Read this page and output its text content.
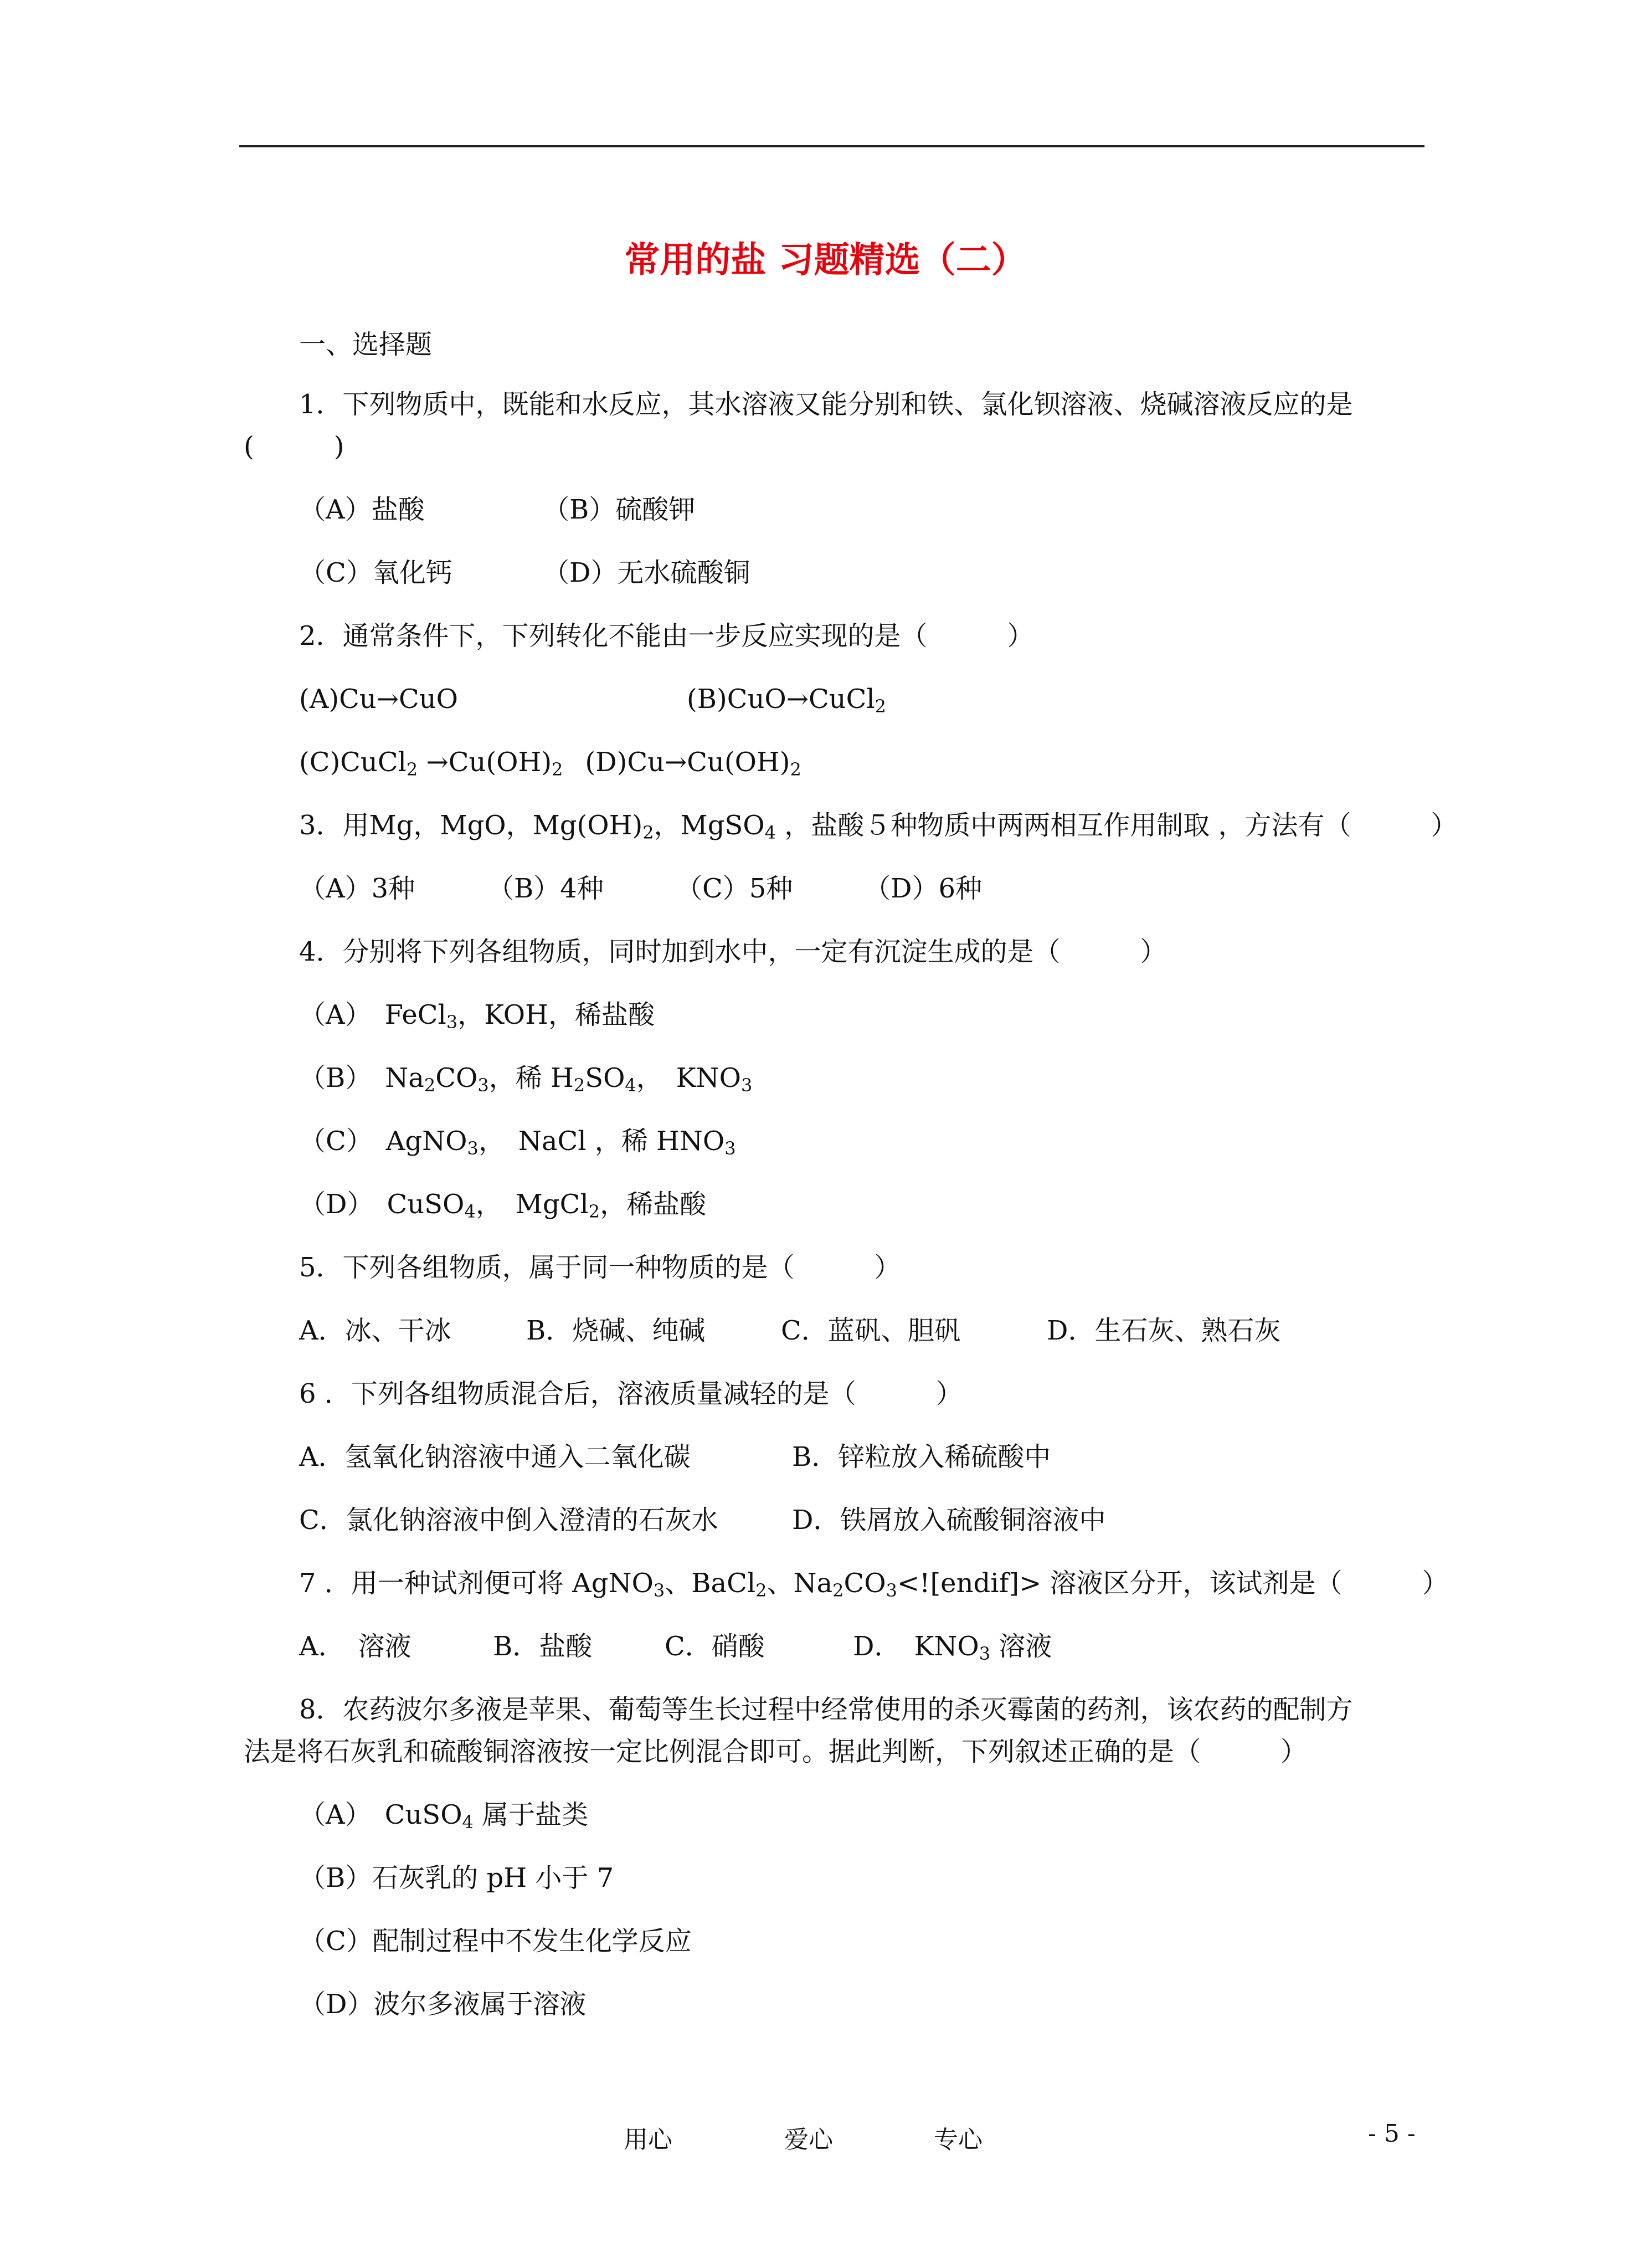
常用的盐 习题精选（二）
一、选择题
1．下列物质中，既能和水反应，其水溶液又能分别和铁、氯化钡溶液、烧碱溶液反应的是
(　　　)
（A）盐酸	（B）硫酸钾
（C）氧化钙	（D）无水硫酸铜
2．通常条件下，下列转化不能由一步反应实现的是（　　　）
(A)Cu→CuO	(B)CuO→CuCl$_2$
(C)CuCl$_2$ $\to Cu(OH)_2$ $(D)Cu\to Cu(OH)_2$
3．用Mg，MgO，$Mg(OH)_2$，MgSO$_4$ ，盐酸５种物质中两两相互作用制取 ，方法有（　　　）
（A）3种	（B）4种	（C）5种	（D）6种
4．分别将下列各组物质，同时加到水中，一定有沉淀生成的是（　　　）
（A）　FeCl$_3$，KOH，稀盐酸
（B）　$Na_2CO_3$，稀 $H_2SO_4$，　$KNO_3$
（C）　AgNO$_3$，　NaCl ，稀 $HNO_3$
（D）　CuSO$_4$，　MgCl$_2$，稀盐酸
5．下列各组物质，属于同一种物质的是（　　　）
A．冰、干冰	B．烧碱、纯碱	C．蓝矾、胆矾	D．生石灰、熟石灰
6 ．下列各组物质混合后，溶液质量减轻的是（　　　）
A．氢氧化钠溶液中通入二氧化碳	B．锌粒放入稀硫酸中
C．氯化钠溶液中倒入澄清的石灰水	D．铁屑放入硫酸铜溶液中
7 ．用一种试剂便可将 AgNO$_3$、BaCl$_2$、$Na_2CO_3<![endif]>$ 溶液区分开，该试剂是（　　　）
A．　溶液	B．盐酸	C．硝酸	D．　$KNO_3$ 溶液
8．农药波尔多液是苹果、葡萄等生长过程中经常使用的杀灭霉菌的药剂，该农药的配制方
法是将石灰乳和硫酸铜溶液按一定比例混合即可。据此判断，下列叙述正确的是（　　　）
（A）　CuSO$_4$ 属于盐类
（B）石灰乳的 pH 小于 7
（C）配制过程中不发生化学反应
（D）波尔多液属于溶液
用心	爱心	专心	- 5 -
